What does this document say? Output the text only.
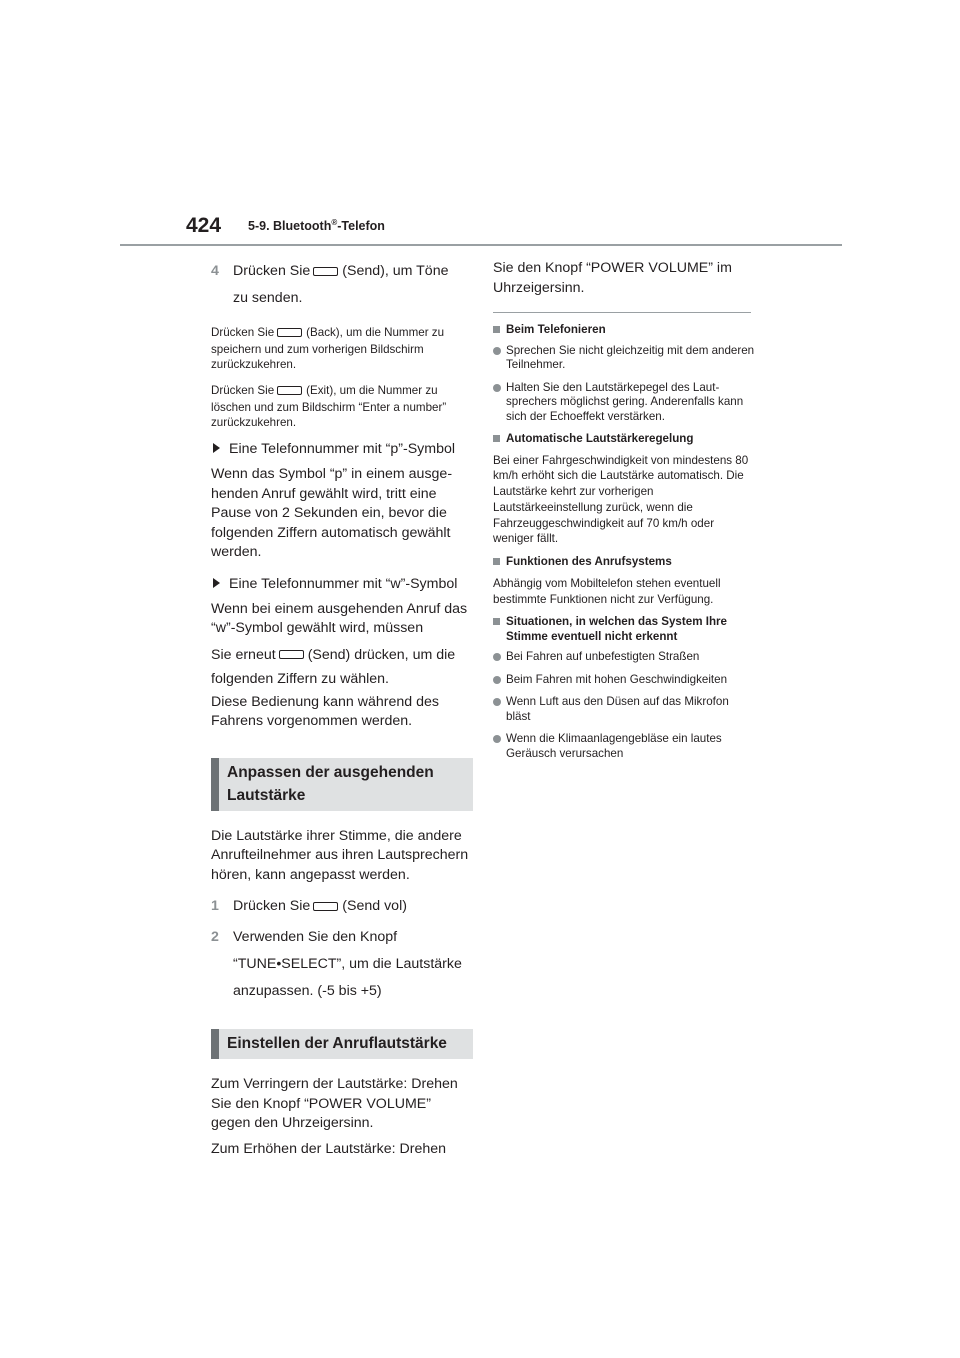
424 5-9. Bluetooth®-Telefon
4 Drücken Sie (Send), um Töne
zu senden.
Drücken Sie	(Back), um die Nummer zu
speichern und zum vorherigen Bildschirm zurückzukehren.
Drücken Sie	(Exit), um die Nummer zu
löschen und zum Bildschirm “Enter a number” zurückzukehren.
Eine Telefonnummer mit “p”-Symbol

Wenn das Symbol “p” in einem ausgehenden Anruf gewählt wird, tritt eine Pause von 2 Sekunden ein, bevor die folgenden Ziffern automatisch gewählt werden.

Eine Telefonnummer mit “w”-Symbol

Wenn bei einem ausgehenden Anruf das “w”-Symbol gewählt wird, müssen

Sie erneut (Send) drücken, um die
folgenden Ziffern zu wählen.

Diese Bedienung kann während des Fahrens vorgenommen werden.

Anpassen der ausgehenden Lautstärke

Die Lautstärke ihrer Stimme, die andere Anrufteilnehmer aus ihren Lautsprechern hören, kann angepasst werden.

1 Drücken Sie (Send vol)
2 Verwenden Sie den Knopf “TUNE•SELECT”, um die Lautstärke anzupassen. (-5 bis +5)
Einstellen der Anruflautstärke

Zum Verringern der Lautstärke: Drehen Sie den Knopf “POWER VOLUME” gegen den Uhrzeigersinn.

Zum Erhöhen der Lautstärke: Drehen

Sie den Knopf “POWER VOLUME” im Uhrzeigersinn.

Beim Telefonieren
Sprechen Sie nicht gleichzeitig mit dem anderen Teilnehmer.
Halten Sie den Lautstärkepegel des Lautsprechers möglichst gering. Anderenfalls kann sich der Echoeffekt verstärken.
Automatische Lautstärkeregelung

Bei einer Fahrgeschwindigkeit von mindestens 80 km/h erhöht sich die Lautstärke automatisch. Die Lautstärke kehrt zur vorherigen Lautstärkeeinstellung zurück, wenn die Fahrzeuggeschwindigkeit auf 70 km/h oder weniger fällt.

Funktionen des Anrufsystems

Abhängig vom Mobiltelefon stehen eventuell bestimmte Funktionen nicht zur Verfügung.

Situationen, in welchen das System Ihre Stimme eventuell nicht erkennt
Bei Fahren auf unbefestigten Straßen
Beim Fahren mit hohen Geschwindigkeiten
Wenn Luft aus den Düsen auf das Mikrofon bläst
Wenn die Klimaanlagengebläse ein lautes Geräusch verursachen
